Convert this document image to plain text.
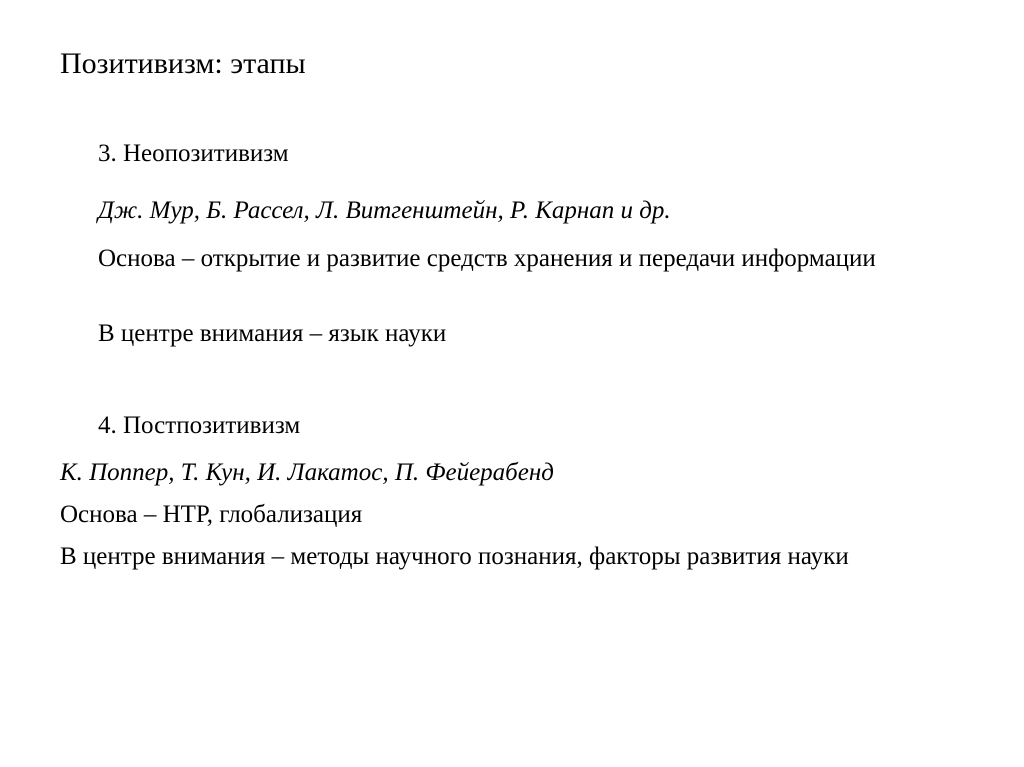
Позитивизм: этапы
3. Неопозитивизм
Дж. Мур, Б. Рассел, Л. Витгенштейн, Р. Карнап и др.
Основа – открытие и развитие средств хранения и передачи информации
В центре внимания – язык науки
4. Постпозитивизм
К. Поппер, Т. Кун, И. Лакатос, П. Фейерабенд
Основа – НТР, глобализация
В центре внимания – методы научного познания, факторы развития науки
